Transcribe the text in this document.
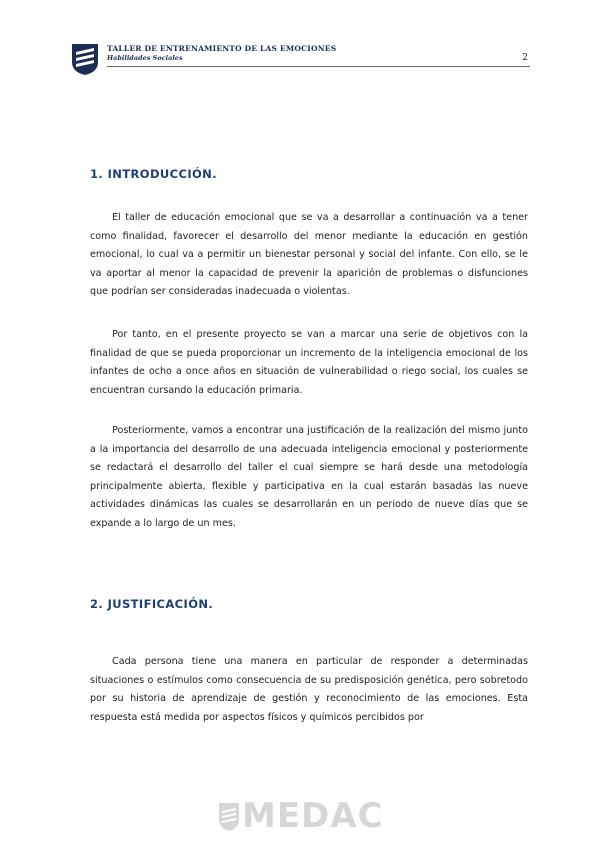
TALLER DE ENTRENAMIENTO DE LAS EMOCIONES
Habilidades Sociales	2
1. INTRODUCCIÓN.
El taller de educación emocional que se va a desarrollar a continuación va a tener como finalidad, favorecer el desarrollo del menor mediante la educación en gestión emocional, lo cual va a permitir un bienestar personal y social del infante. Con ello, se le va aportar al menor la capacidad de prevenir la aparición de problemas o disfunciones que podrían ser consideradas inadecuada o violentas.
Por tanto, en el presente proyecto se van a marcar una serie de objetivos con la finalidad de que se pueda proporcionar un incremento de la inteligencia emocional de los infantes de ocho a once años en situación de vulnerabilidad o riego social, los cuales se encuentran cursando la educación primaria.
Posteriormente, vamos a encontrar una justificación de la realización del mismo junto a la importancia del desarrollo de una adecuada inteligencia emocional y posteriormente se redactará el desarrollo del taller el cual siempre se hará desde una metodología principalmente abierta, flexible y participativa en la cual estarán basadas las nueve actividades dinámicas las cuales se desarrollarán en un periodo de nueve días que se expande a lo largo de un mes.
2. JUSTIFICACIÓN.
Cada persona tiene una manera en particular de responder a determinadas situaciones o estímulos como consecuencia de su predisposición genética, pero sobretodo por su historia de aprendizaje de gestión y reconocimiento de las emociones. Esta respuesta está medida por aspectos físicos y químicos percibidos por
MEDAC
